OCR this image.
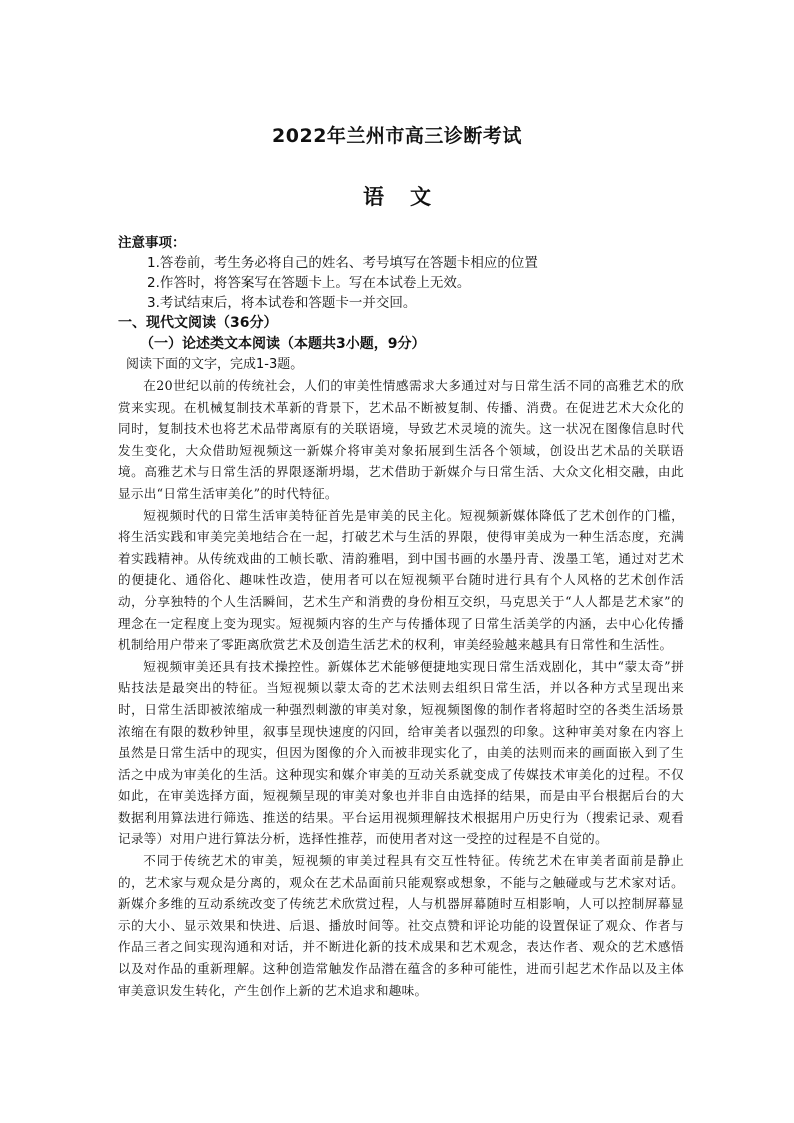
2022年兰州市高三诊断考试
语 文
注意事项：
1.答卷前，考生务必将自己的姓名、考号填写在答题卡相应的位置
2.作答时，将答案写在答题卡上。写在本试卷上无效。
3.考试结束后，将本试卷和答题卡一并交回。
一、现代文阅读（36分）
（一）论述类文本阅读（本题共3小题，9分）
阅读下面的文字，完成1-3题。

在20世纪以前的传统社会，人们的审美性情感需求大多通过对与日常生活不同的高雅艺术的欣赏来实现。在机械复制技术革新的背景下，艺术品不断被复制、传播、消费。在促进艺术大众化的同时，复制技术也将艺术品带离原有的关联语境，导致艺术灵境的流失。这一状况在图像信息时代发生变化，大众借助短视频这一新媒介将审美对象拓展到生活各个领域，创设出艺术品的关联语境。高雅艺术与日常生活的界限逐渐坍塌，艺术借助于新媒介与日常生活、大众文化相交融，由此显示出“日常生活审美化”的时代特征。

短视频时代的日常生活审美特征首先是审美的民主化。短视频新媒体降低了艺术创作的门槛，将生活实践和审美完美地结合在一起，打破艺术与生活的界限，使得审美成为一种生活态度，充满着实践精神。从传统戏曲的工帧长歌、清韵雅唱，到中国书画的水墨丹青、泼墨工笔，通过对艺术的便捷化、通俗化、趣味性改造，使用者可以在短视频平台随时进行具有个人风格的艺术创作活动，分享独特的个人生活瞬间，艺术生产和消费的身份相互交织，马克思关于“人人都是艺术家”的理念在一定程度上变为现实。短视频内容的生产与传播体现了日常生活美学的内涵，去中心化传播机制给用户带来了零距离欣赏艺术及创造生活艺术的权利，审美经验越来越具有日常性和生活性。

短视频审美还具有技术操控性。新媒体艺术能够便捷地实现日常生活戏剧化，其中“蒙太奇”拼贴技法是最突出的特征。当短视频以蒙太奇的艺术法则去组织日常生活，并以各种方式呈现出来时，日常生活即被浓缩成一种强烈刺激的审美对象，短视频图像的制作者将超时空的各类生活场景浓缩在有限的数秒钟里，叙事呈现快速度的闪回，给审美者以强烈的印象。这种审美对象在内容上虽然是日常生活中的现实，但因为图像的介入而被非现实化了，由美的法则而来的画面嵌入到了生活之中成为审美化的生活。这种现实和媒介审美的互动关系就变成了传媒技术审美化的过程。不仅如此，在审美选择方面，短视频呈现的审美对象也并非自由选择的结果，而是由平台根据后台的大数据利用算法进行筛选、推送的结果。平台运用视频理解技术根据用户历史行为（搜索记录、观看记录等）对用户进行算法分析，选择性推荐，而使用者对这一受控的过程是不自觉的。

不同于传统艺术的审美，短视频的审美过程具有交互性特征。传统艺术在审美者面前是静止的，艺术家与观众是分离的，观众在艺术品面前只能观察或想象，不能与之触碰或与艺术家对话。新媒介多维的互动系统改变了传统艺术欣赏过程，人与机器屏幕随时互相影响，人可以控制屏幕显示的大小、显示效果和快进、后退、播放时间等。社交点赞和评论功能的设置保证了观众、作者与作品三者之间实现沟通和对话，并不断进化新的技术成果和艺术观念，表达作者、观众的艺术感悟以及对作品的重新理解。这种创造常触发作品潜在蕴含的多种可能性，进而引起艺术作品以及主体审美意识发生转化，产生创作上新的艺术追求和趣味。
